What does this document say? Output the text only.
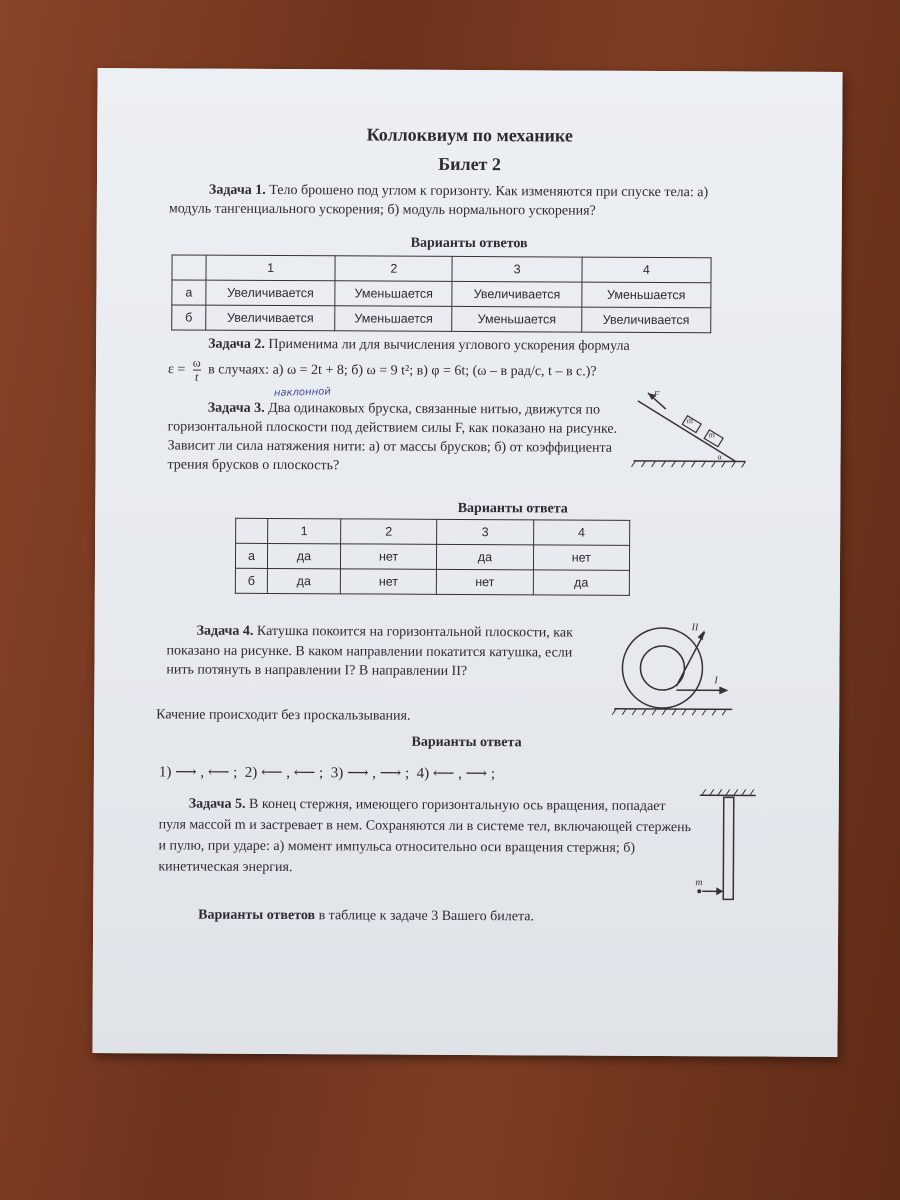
Коллоквиум по механике
Билет 2
Задача 1. Тело брошено под углом к горизонту. Как изменяются при спуске тела: а) модуль тангенциального ускорения; б) модуль нормального ускорения?
Варианты ответов
	1	2	3	4
а	Увеличивается	Уменьшается	Увеличивается	Уменьшается
б	Увеличивается	Уменьшается	Уменьшается	Увеличивается
Задача 2. Применима ли для вычисления углового ускорения формула
$\varepsilon = \frac{\omega}{t}$ в случаях: а) ω = 2t + 8; б) ω = 9 t²; в) φ = 6t; (ω – в рад/с, t – в с.)?
Задача 3. Два одинаковых бруска, связанные нитью, движутся по горизонтальной плоскости под действием силы F, как показано на рисунке. Зависит ли сила натяжения нити: а) от массы брусков; б) от коэффициента трения брусков о плоскость?
наклонной	F
m
m
α
Варианты ответа
	1	2	3	4
а	да	нет	да	нет
б	да	нет	нет	да
Задача 4. Катушка покоится на горизонтальной плоскости, как показано на рисунке. В каком направлении покатится катушка, если нить потянуть в направлении I? В направлении II?
Качение происходит без проскальзывания.
II
I
Варианты ответа
1) ⟶ , ⟵ ;  2) ⟵ , ⟵ ;  3) ⟶ , ⟶ ;  4) ⟵ , ⟶ ;
Задача 5. В конец стержня, имеющего горизонтальную ось вращения, попадает пуля массой m и застревает в нем. Сохраняются ли в системе тел, включающей стержень и пулю, при ударе: а) момент импульса относительно оси вращения стержня; б) кинетическая энергия.
m
Варианты ответов в таблице к задаче 3 Вашего билета.
